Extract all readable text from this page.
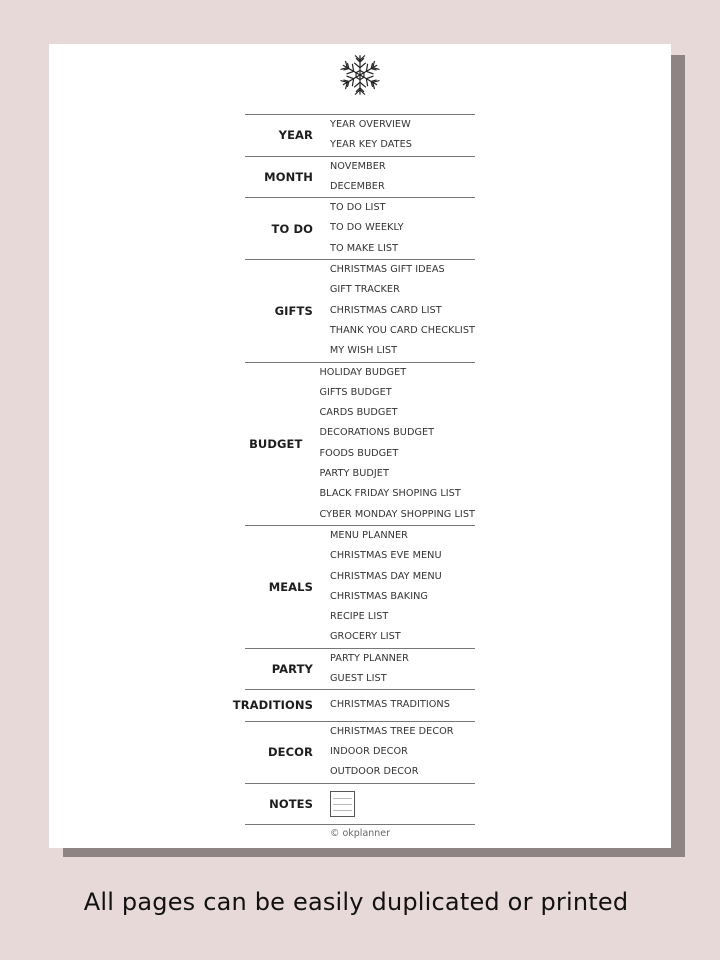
YEAR
YEAR OVERVIEW
YEAR KEY DATES
MONTH
NOVEMBER
DECEMBER
TO DO
TO DO LIST
TO DO WEEKLY
TO MAKE LIST
GIFTS
CHRISTMAS GIFT IDEAS
GIFT TRACKER
CHRISTMAS CARD LIST
THANK YOU CARD CHECKLIST
MY WISH LIST
BUDGET
HOLIDAY BUDGET
GIFTS BUDGET
CARDS BUDGET
DECORATIONS BUDGET
FOODS BUDGET
PARTY BUDJET
BLACK FRIDAY SHOPING LIST
CYBER MONDAY SHOPPING LIST
MEALS
MENU PLANNER
CHRISTMAS EVE MENU
CHRISTMAS DAY MENU
CHRISTMAS BAKING
RECIPE LIST
GROCERY LIST
PARTY
PARTY PLANNER
GUEST LIST
TRADITIONS CHRISTMAS TRADITIONS
DECOR
CHRISTMAS TREE DECOR
INDOOR DECOR
OUTDOOR DECOR
NOTES
© okplanner
All pages can be easily duplicated or printed
